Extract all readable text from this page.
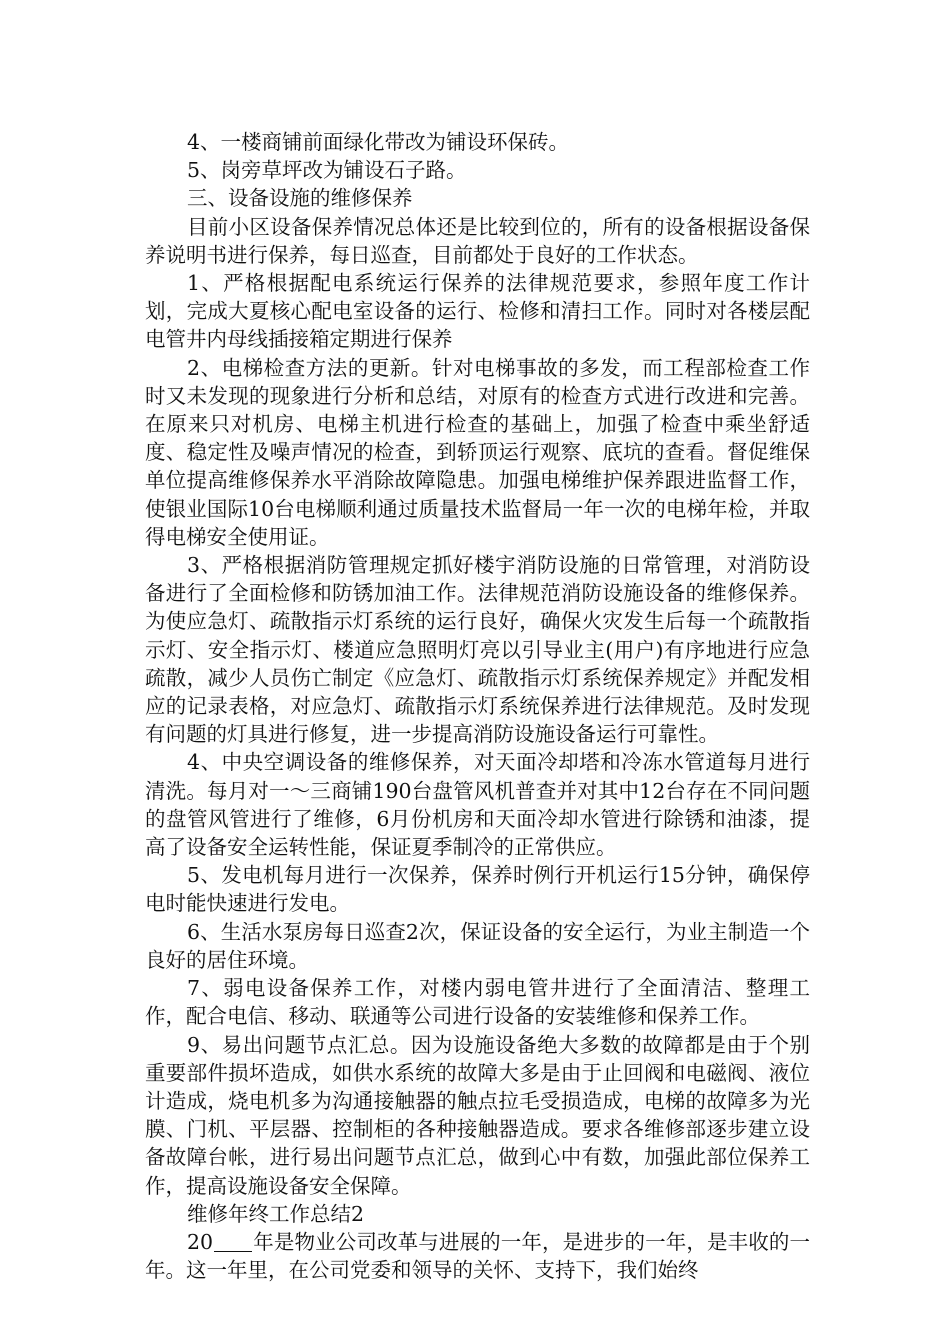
4、一楼商铺前面绿化带改为铺设环保砖。

5、岗旁草坪改为铺设石子路。

三、设备设施的维修保养

目前小区设备保养情况总体还是比较到位的，所有的设备根据设备保养说明书进行保养，每日巡查，目前都处于良好的工作状态。

1、严格根据配电系统运行保养的法律规范要求，参照年度工作计划，完成大夏核心配电室设备的运行、检修和清扫工作。同时对各楼层配电管井内母线插接箱定期进行保养

2、电梯检查方法的更新。针对电梯事故的多发，而工程部检查工作时又未发现的现象进行分析和总结，对原有的检查方式进行改进和完善。在原来只对机房、电梯主机进行检查的基础上，加强了检查中乘坐舒适度、稳定性及噪声情况的检查，到轿顶运行观察、底坑的查看。督促维保单位提高维修保养水平消除故障隐患。加强电梯维护保养跟进监督工作，使银业国际10台电梯顺利通过质量技术监督局一年一次的电梯年检，并取得电梯安全使用证。

3、严格根据消防管理规定抓好楼宇消防设施的日常管理，对消防设备进行了全面检修和防锈加油工作。法律规范消防设施设备的维修保养。为使应急灯、疏散指示灯系统的运行良好，确保火灾发生后每一个疏散指示灯、安全指示灯、楼道应急照明灯亮以引导业主(用户)有序地进行应急疏散，减少人员伤亡制定《应急灯、疏散指示灯系统保养规定》并配发相应的记录表格，对应急灯、疏散指示灯系统保养进行法律规范。及时发现有问题的灯具进行修复，进一步提高消防设施设备运行可靠性。

4、中央空调设备的维修保养，对天面冷却塔和冷冻水管道每月进行清洗。每月对一～三商铺190台盘管风机普查并对其中12台存在不同问题的盘管风管进行了维修，6月份机房和天面冷却水管进行除锈和油漆，提高了设备安全运转性能，保证夏季制冷的正常供应。

5、发电机每月进行一次保养，保养时例行开机运行15分钟，确保停电时能快速进行发电。

6、生活水泵房每日巡查2次，保证设备的安全运行，为业主制造一个良好的居住环境。

7、弱电设备保养工作，对楼内弱电管井进行了全面清洁、整理工作，配合电信、移动、联通等公司进行设备的安装维修和保养工作。

9、易出问题节点汇总。因为设施设备绝大多数的故障都是由于个别重要部件损坏造成，如供水系统的故障大多是由于止回阀和电磁阀、液位计造成，烧电机多为沟通接触器的触点拉毛受损造成，电梯的故障多为光膜、门机、平层器、控制柜的各种接触器造成。要求各维修部逐步建立设备故障台帐，进行易出问题节点汇总，做到心中有数，加强此部位保养工作，提高设施设备安全保障。

维修年终工作总结2

20 年是物业公司改革与进展的一年，是进步的一年，是丰收的一年。这一年里，在公司党委和领导的关怀、支持下，我们始终
